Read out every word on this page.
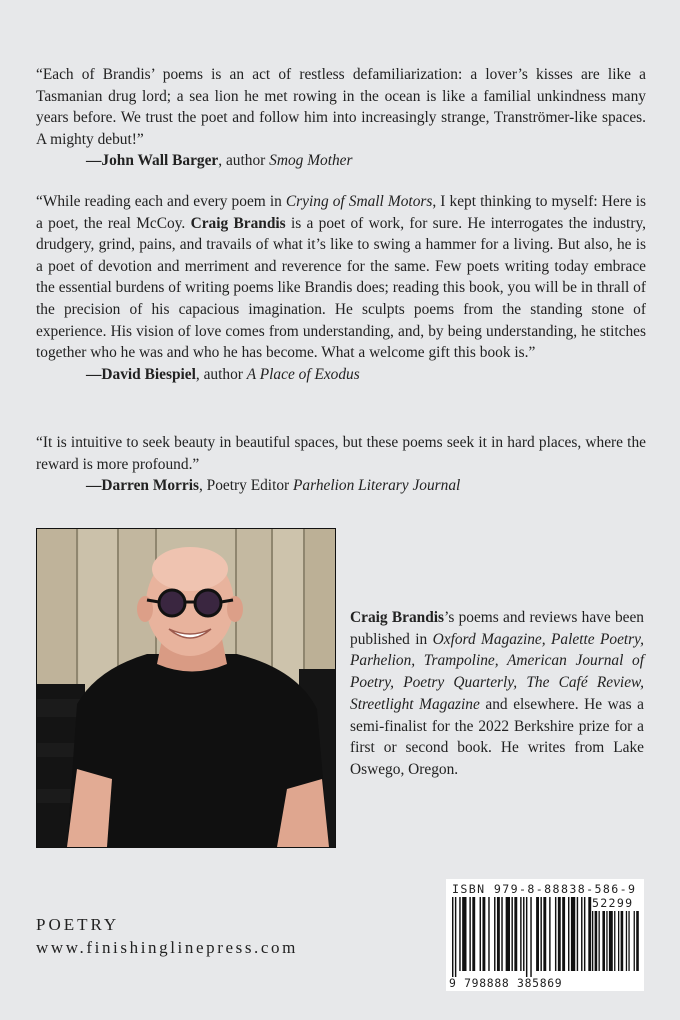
“Each of Brandis’ poems is an act of restless defamiliarization: a lover’s kisses are like a Tasmanian drug lord; a sea lion he met rowing in the ocean is like a familial unkindness many years before. We trust the poet and follow him into increasingly strange, Tranströmer-like spaces. A mighty debut!”

—John Wall Barger, author Smog Mother

“While reading each and every poem in Crying of Small Motors, I kept thinking to myself: Here is a poet, the real McCoy. Craig Brandis is a poet of work, for sure. He interrogates the industry, drudgery, grind, pains, and travails of what it’s like to swing a hammer for a living. But also, he is a poet of devotion and merriment and reverence for the same. Few poets writing today embrace the essential burdens of writing poems like Brandis does; reading this book, you will be in thrall of the precision of his capacious imagination. He sculpts poems from the standing stone of experience. His vision of love comes from understanding, and, by being understanding, he stitches together who he was and who he has become. What a welcome gift this book is.”

—David Biespiel, author A Place of Exodus

“It is intuitive to seek beauty in beautiful spaces, but these poems seek it in hard places, where the reward is more profound.”

—Darren Morris, Poetry Editor Parhelion Literary Journal

Craig Brandis’s poems and reviews have been published in Oxford Magazine, Palette Poetry, Parhelion, Trampoline, American Journal of Poetry, Poetry Quarterly, The Café Review, Streetlight Magazine and elsewhere. He was a semi-finalist for the 2022 Berkshire prize for a first or second book. He writes from Lake Oswego, Oregon.
POETRY
www.finishinglinepress.com
ISBN 979-8-88838-586-9
52299
9 798888 385869
